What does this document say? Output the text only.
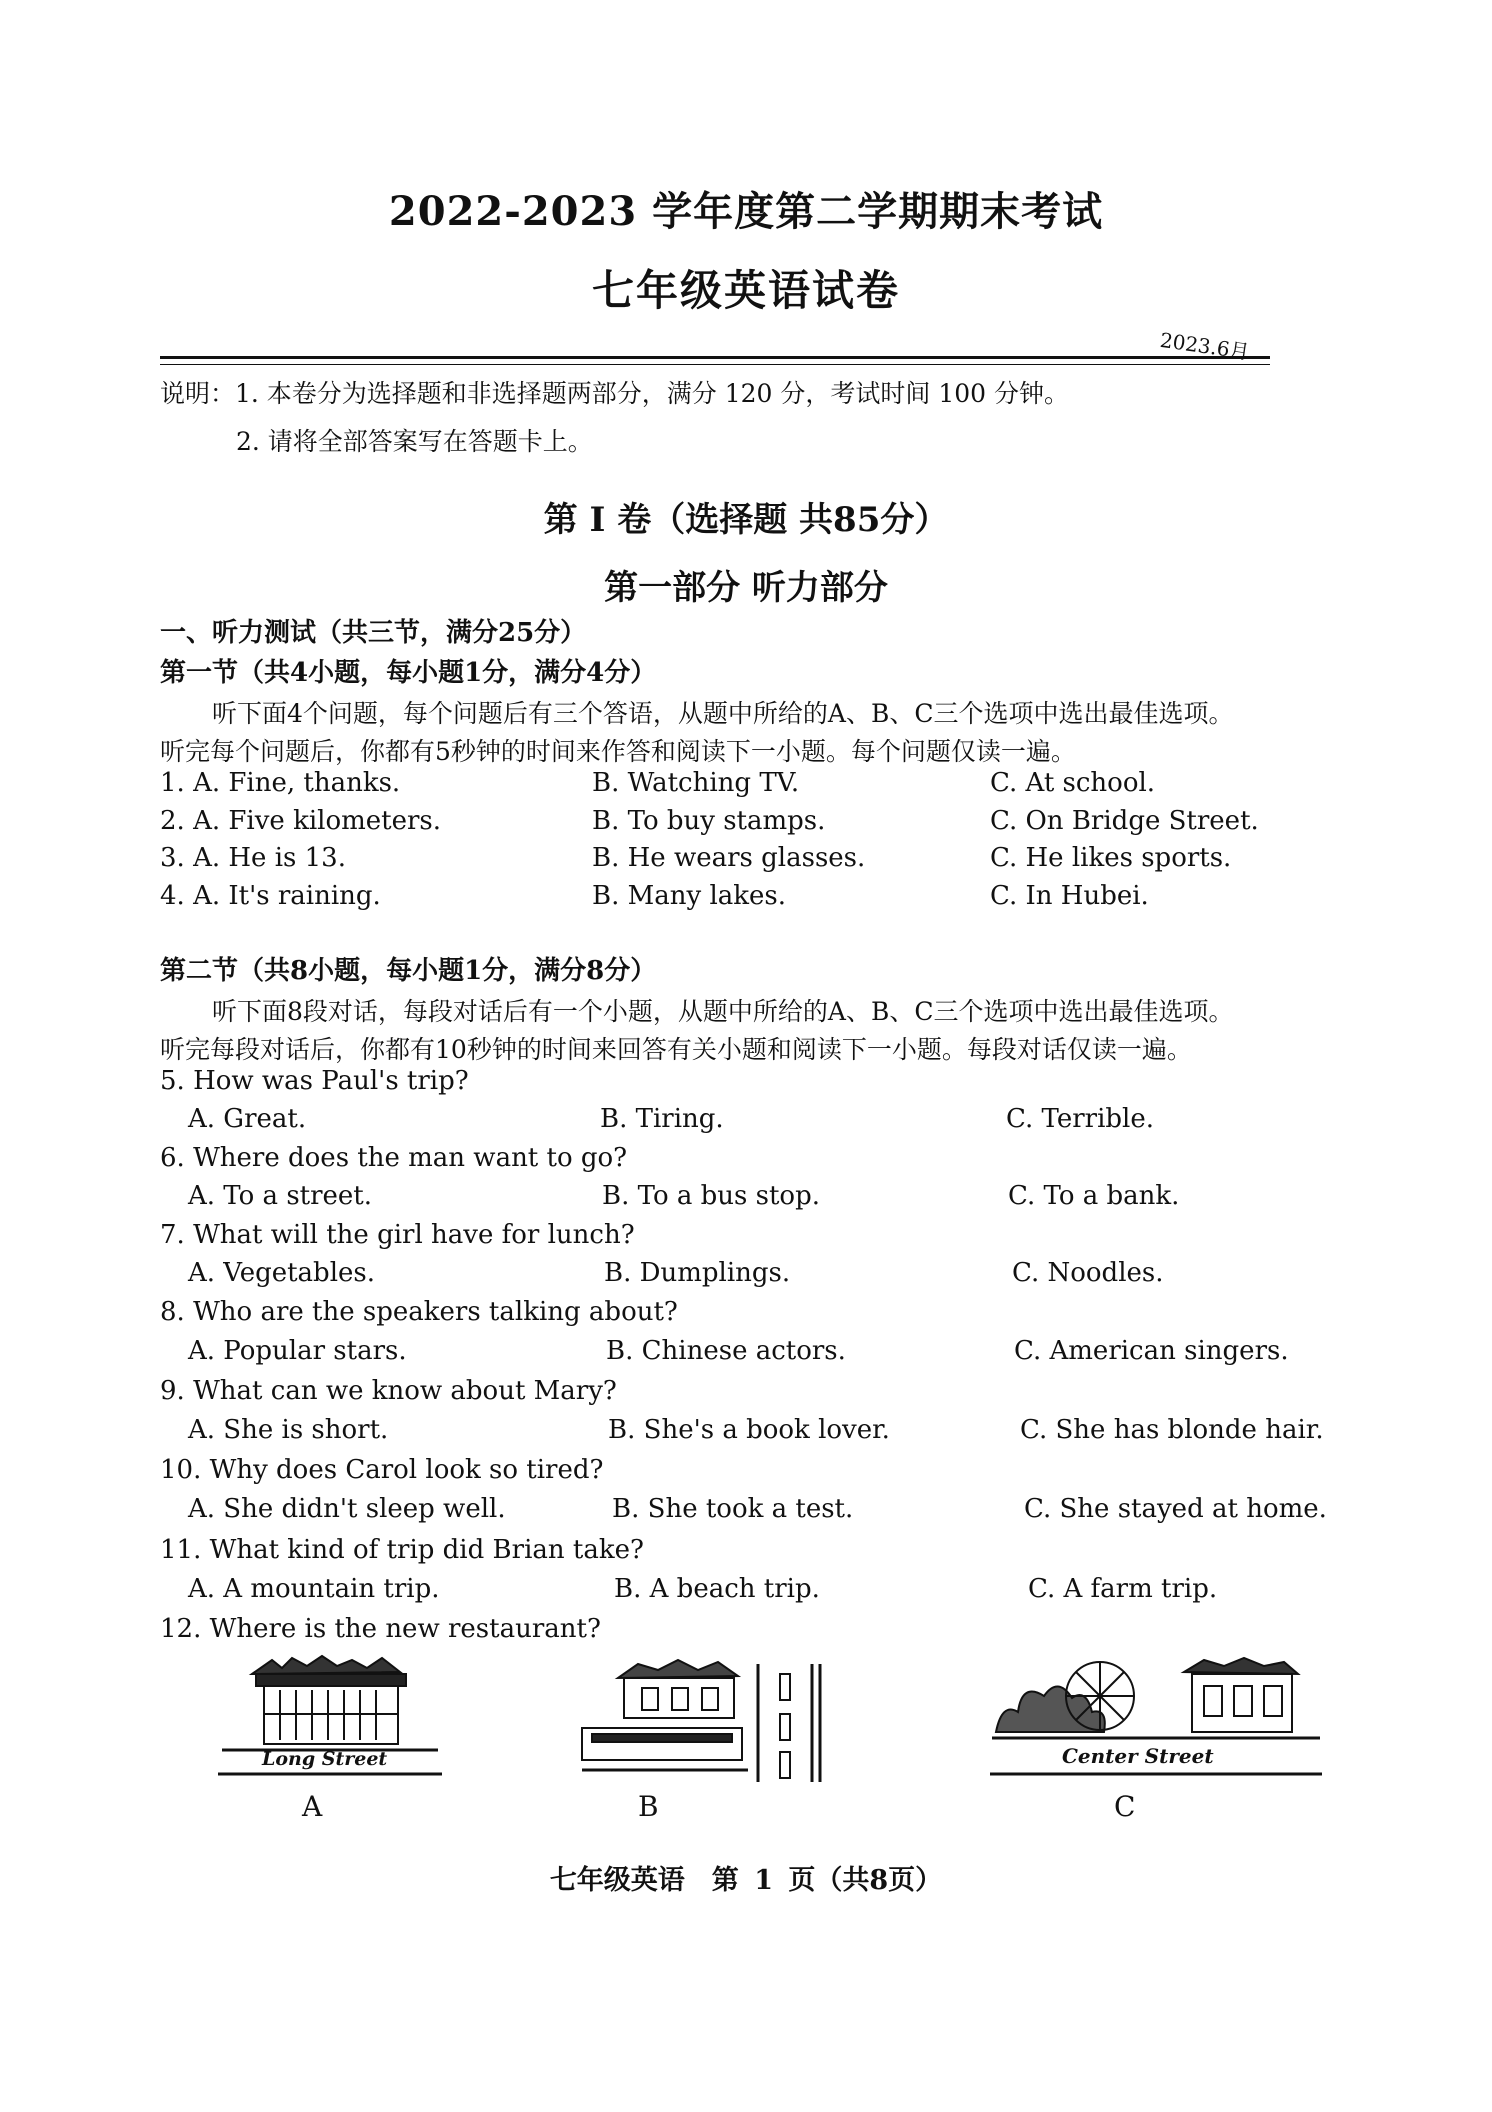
2022-2023 学年度第二学期期末考试
七年级英语试卷
2023.6月
说明：1. 本卷分为选择题和非选择题两部分，满分 120 分，考试时间 100 分钟。
2. 请将全部答案写在答题卡上。
第 I 卷（选择题 共85分）
第一部分 听力部分
一、听力测试（共三节，满分25分）
第一节（共4小题，每小题1分，满分4分）
听下面4个问题，每个问题后有三个答语，从题中所给的A、B、C三个选项中选出最佳选项。
听完每个问题后，你都有5秒钟的时间来作答和阅读下一小题。每个问题仅读一遍。
1. A. Fine, thanks.	B. Watching TV.	C. At school.
2. A. Five kilometers.	B. To buy stamps.	C. On Bridge Street.
3. A. He is 13.	B. He wears glasses.	C. He likes sports.
4. A. It's raining.	B. Many lakes.	C. In Hubei.
第二节（共8小题，每小题1分，满分8分）
听下面8段对话，每段对话后有一个小题，从题中所给的A、B、C三个选项中选出最佳选项。
听完每段对话后，你都有10秒钟的时间来回答有关小题和阅读下一小题。每段对话仅读一遍。
5. How was Paul's trip?
A. Great.	B. Tiring.	C. Terrible.
6. Where does the man want to go?
A. To a street.	B. To a bus stop.	C. To a bank.
7. What will the girl have for lunch?
A. Vegetables.	B. Dumplings.	C. Noodles.
8. Who are the speakers talking about?
A. Popular stars.	B. Chinese actors.	C. American singers.
9. What can we know about Mary?
A. She is short.	B. She's a book lover.	C. She has blonde hair.
10. Why does Carol look so tired?
A. She didn't sleep well.	B. She took a test.	C. She stayed at home.
11. What kind of trip did Brian take?
A. A mountain trip.	B. A beach trip.	C. A farm trip.
12. Where is the new restaurant?
Long Street
A	B
Center Street
C
七年级英语　第 1 页（共8页）
